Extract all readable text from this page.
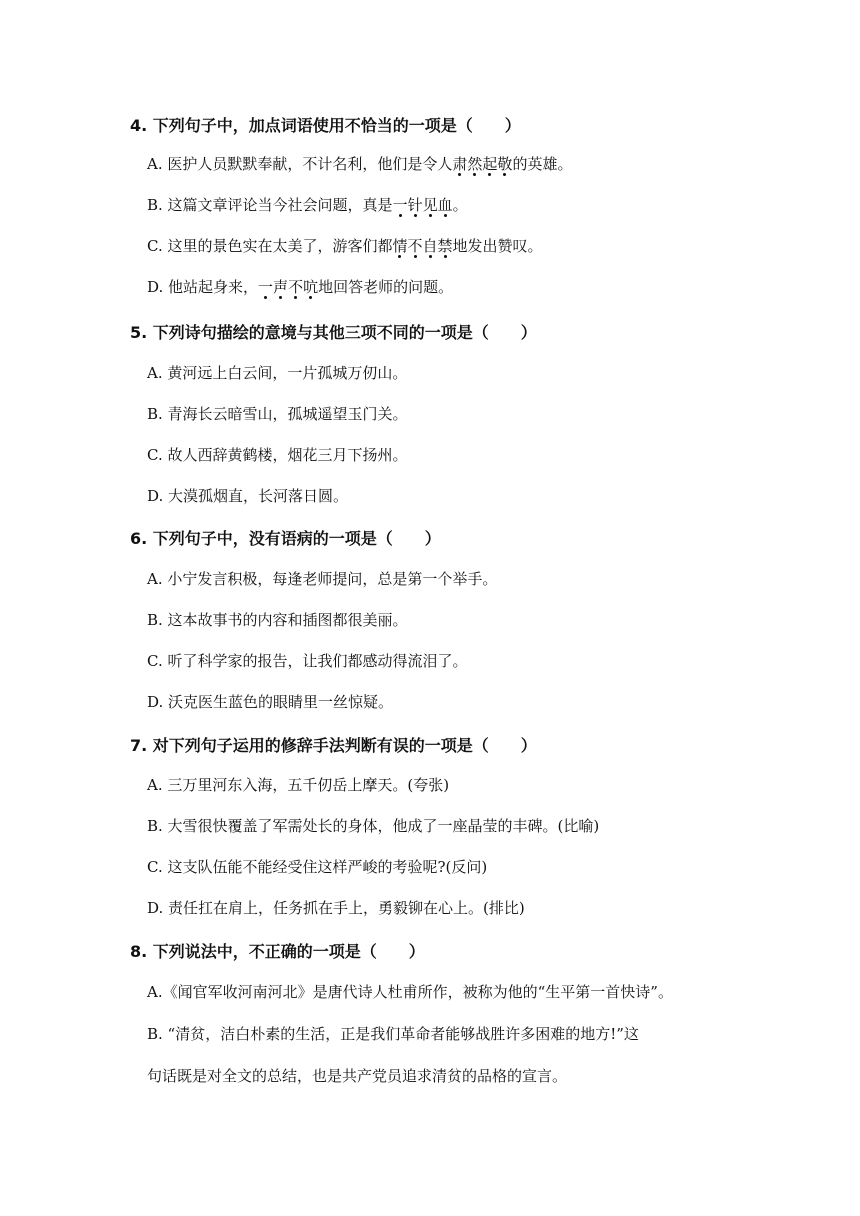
4. 下列句子中，加点词语使用不恰当的一项是（　　）
A. 医护人员默默奉献，不计名利，他们是令人肃然起敬的英雄。
B. 这篇文章评论当今社会问题，真是一针见血。
C. 这里的景色实在太美了，游客们都情不自禁地发出赞叹。
D. 他站起身来，一声不吭地回答老师的问题。
5. 下列诗句描绘的意境与其他三项不同的一项是（　　）
A. 黄河远上白云间，一片孤城万仞山。
B. 青海长云暗雪山，孤城遥望玉门关。
C. 故人西辞黄鹤楼，烟花三月下扬州。
D. 大漠孤烟直，长河落日圆。
6. 下列句子中，没有语病的一项是（　　）
A. 小宁发言积极，每逢老师提问，总是第一个举手。
B. 这本故事书的内容和插图都很美丽。
C. 听了科学家的报告，让我们都感动得流泪了。
D. 沃克医生蓝色的眼睛里一丝惊疑。
7. 对下列句子运用的修辞手法判断有误的一项是（　　）
A. 三万里河东入海，五千仞岳上摩天。(夸张)
B. 大雪很快覆盖了军需处长的身体，他成了一座晶莹的丰碑。(比喻)
C. 这支队伍能不能经受住这样严峻的考验呢?(反问)
D. 责任扛在肩上，任务抓在手上，勇毅铆在心上。(排比)
8. 下列说法中，不正确的一项是（　　）
A.《闻官军收河南河北》是唐代诗人杜甫所作，被称为他的“生平第一首快诗”。
B. “清贫，洁白朴素的生活，正是我们革命者能够战胜许多困难的地方!”这
句话既是对全文的总结，也是共产党员追求清贫的品格的宣言。
